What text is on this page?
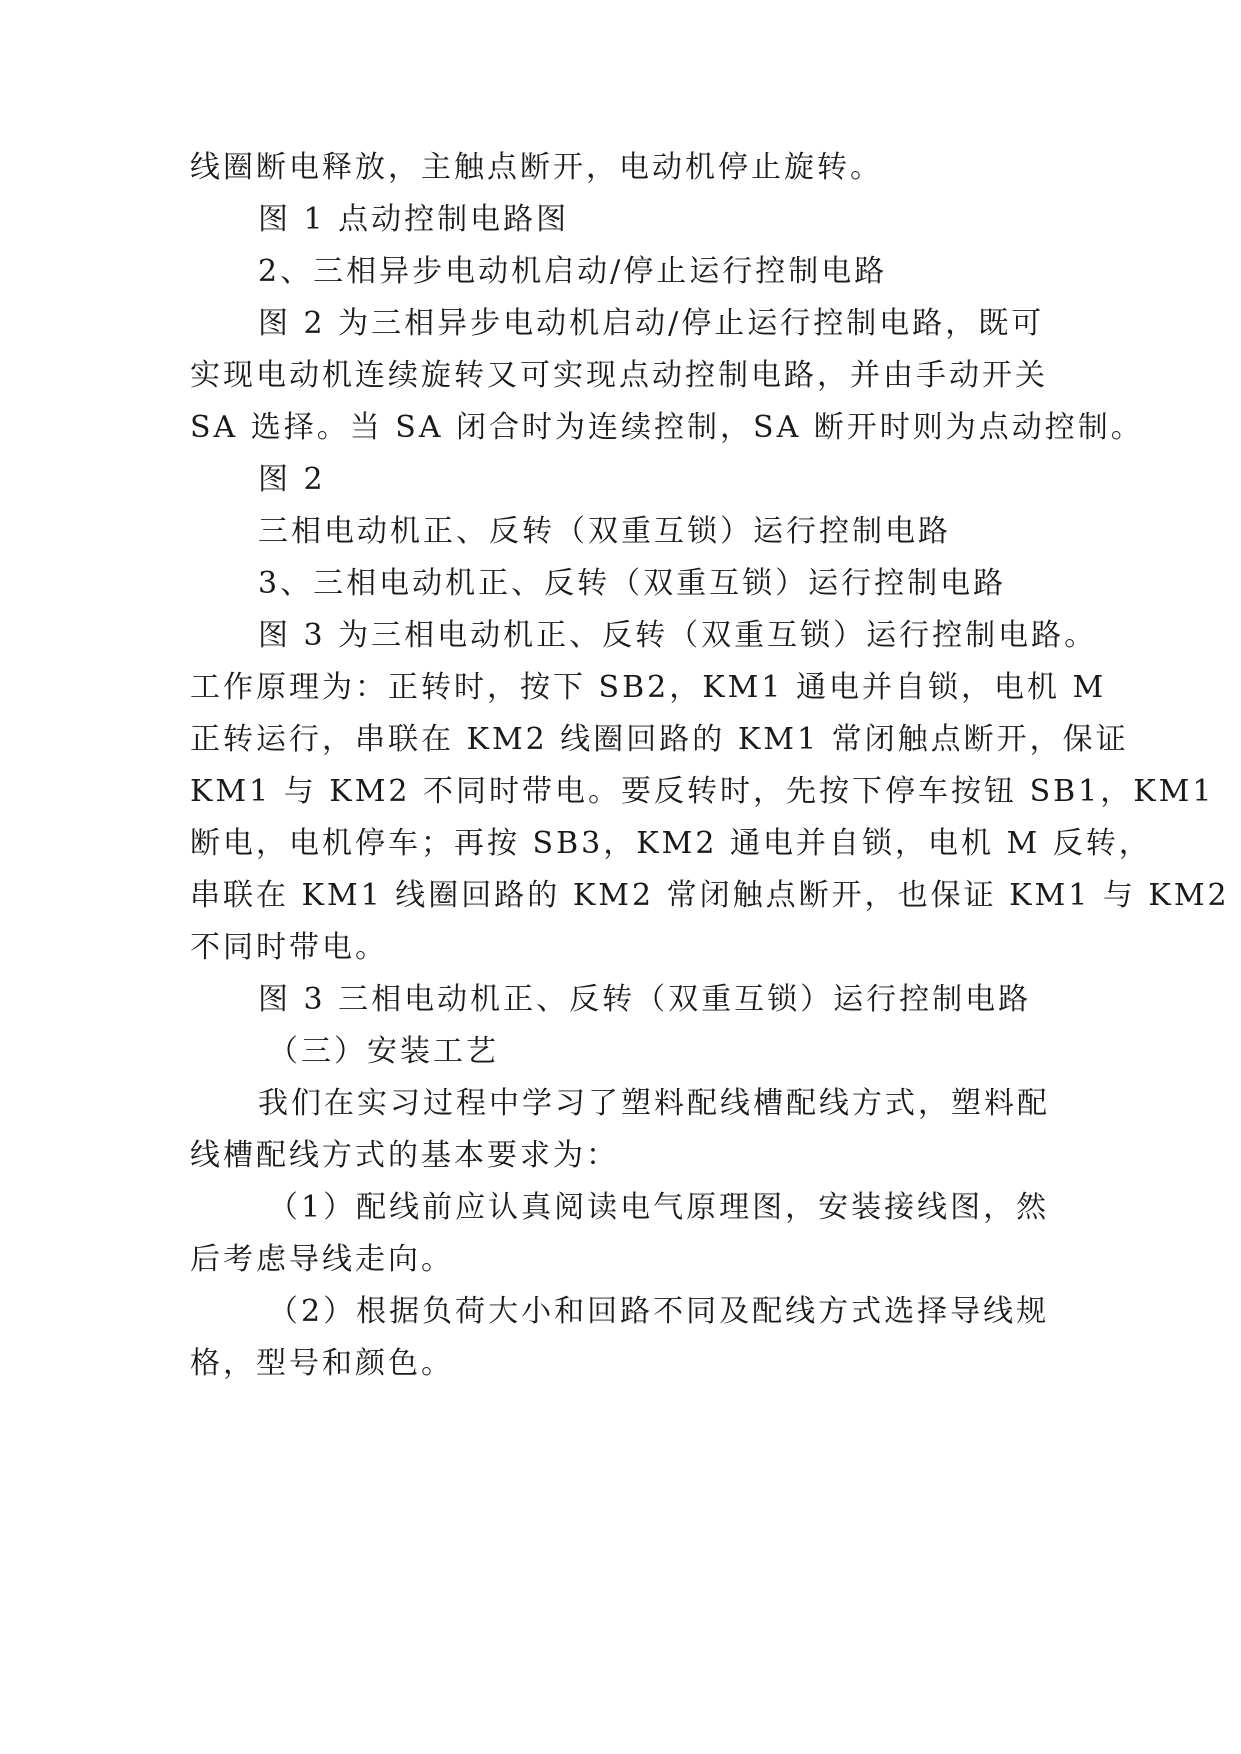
线圈断电释放，主触点断开，电动机停止旋转。
图 1 点动控制电路图
2、三相异步电动机启动/停止运行控制电路
图 2 为三相异步电动机启动/停止运行控制电路，既可
实现电动机连续旋转又可实现点动控制电路，并由手动开关
SA 选择。当 SA 闭合时为连续控制，SA 断开时则为点动控制。
图 2
三相电动机正、反转（双重互锁）运行控制电路
3、三相电动机正、反转（双重互锁）运行控制电路
图 3 为三相电动机正、反转（双重互锁）运行控制电路。
工作原理为：正转时，按下 SB2，KM1 通电并自锁，电机 M
正转运行，串联在 KM2 线圈回路的 KM1 常闭触点断开，保证
KM1 与 KM2 不同时带电。要反转时，先按下停车按钮 SB1，KM1
断电，电机停车；再按 SB3，KM2 通电并自锁，电机 M 反转，
串联在 KM1 线圈回路的 KM2 常闭触点断开，也保证 KM1 与 KM2
不同时带电。
图 3 三相电动机正、反转（双重互锁）运行控制电路
（三）安装工艺
我们在实习过程中学习了塑料配线槽配线方式，塑料配
线槽配线方式的基本要求为：
（1）配线前应认真阅读电气原理图，安装接线图，然
后考虑导线走向。
（2）根据负荷大小和回路不同及配线方式选择导线规
格，型号和颜色。
